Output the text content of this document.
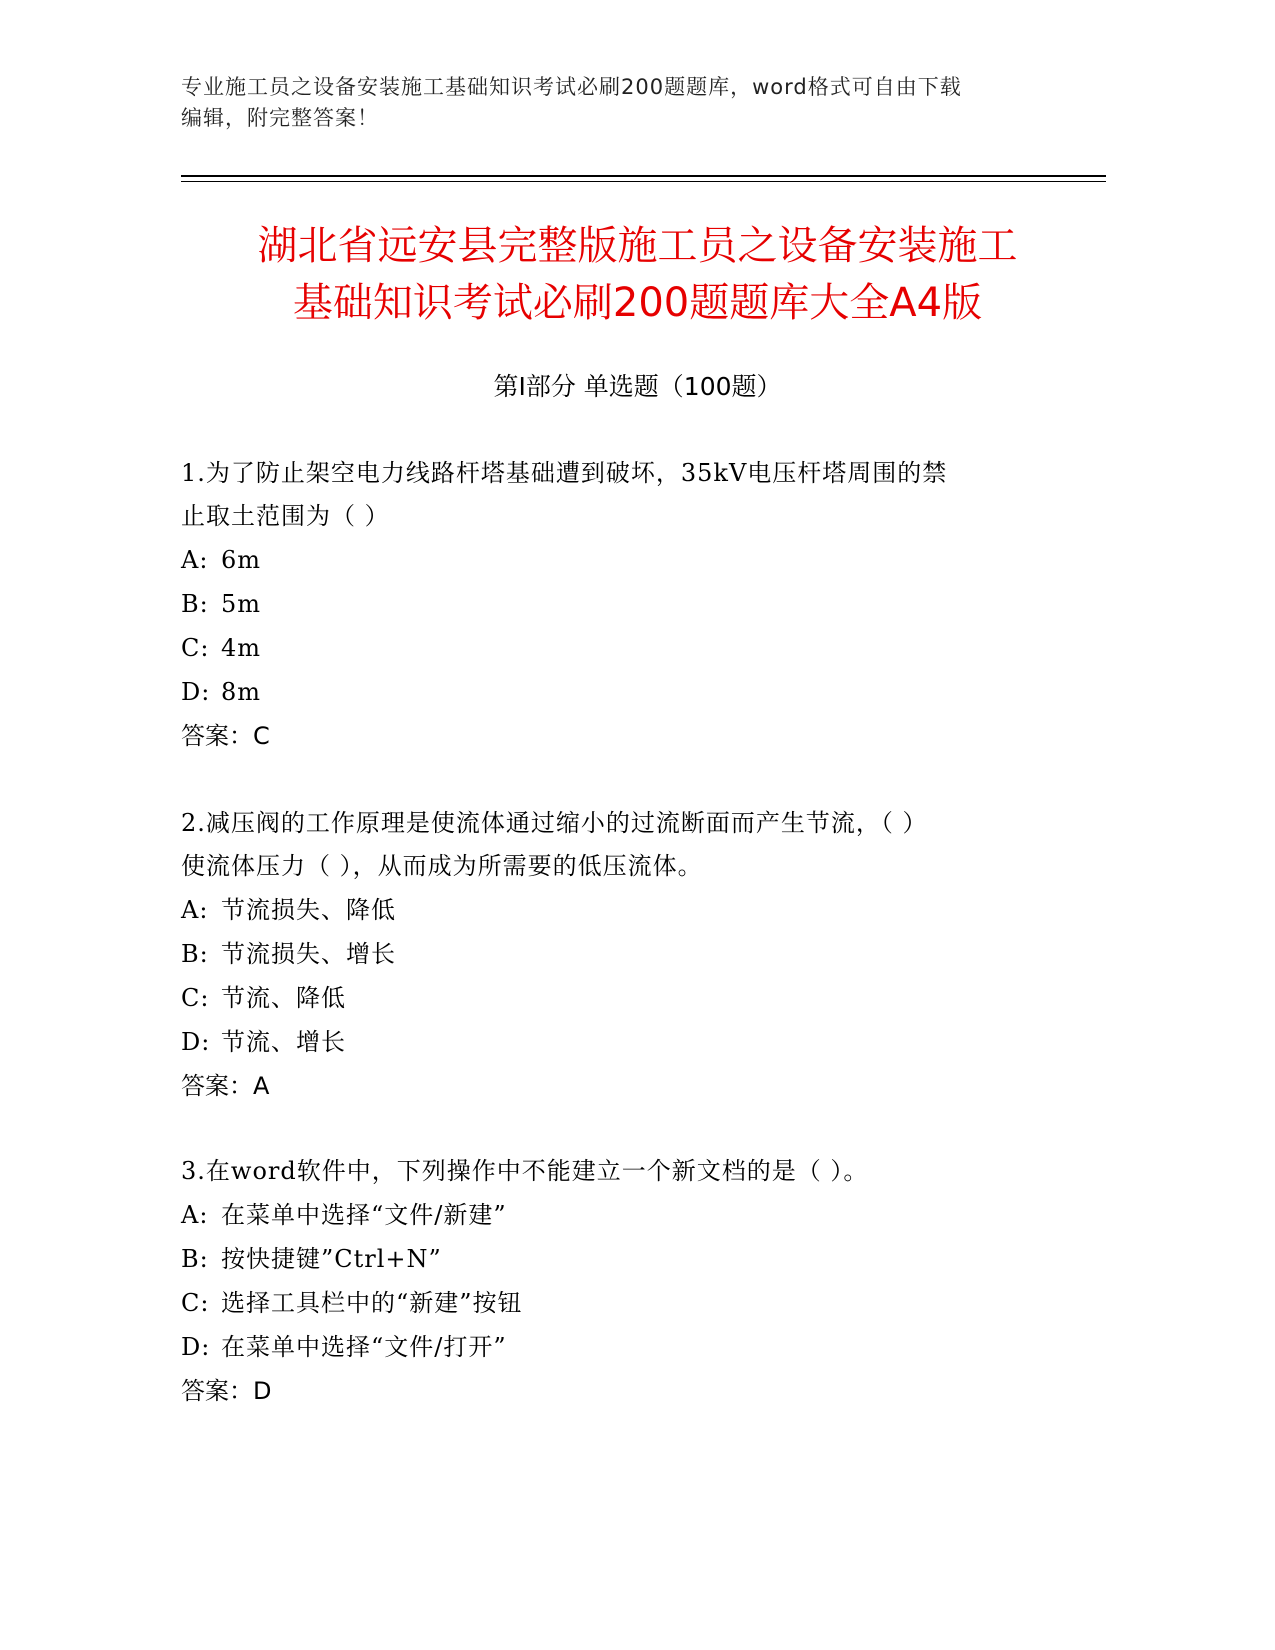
专业施工员之设备安装施工基础知识考试必刷200题题库，word格式可自由下载
编辑，附完整答案！
湖北省远安县完整版施工员之设备安装施工
基础知识考试必刷200题题库大全A4版
第Ⅰ部分 单选题（100题）

1.为了防止架空电力线路杆塔基础遭到破坏，35kV电压杆塔周围的禁
止取土范围为（ ）

A: 6m

B: 5m

C: 4m

D: 8m

答案：C

2.减压阀的工作原理是使流体通过缩小的过流断面而产生节流，（ ）
使流体压力（ ），从而成为所需要的低压流体。

A: 节流损失、降低

B: 节流损失、增长

C: 节流、降低

D: 节流、增长

答案：A

3.在word软件中，下列操作中不能建立一个新文档的是（ ）。

A: 在菜单中选择“文件/新建”

B: 按快捷键”Ctrl+N”

C: 选择工具栏中的“新建”按钮

D: 在菜单中选择“文件/打开”

答案：D
